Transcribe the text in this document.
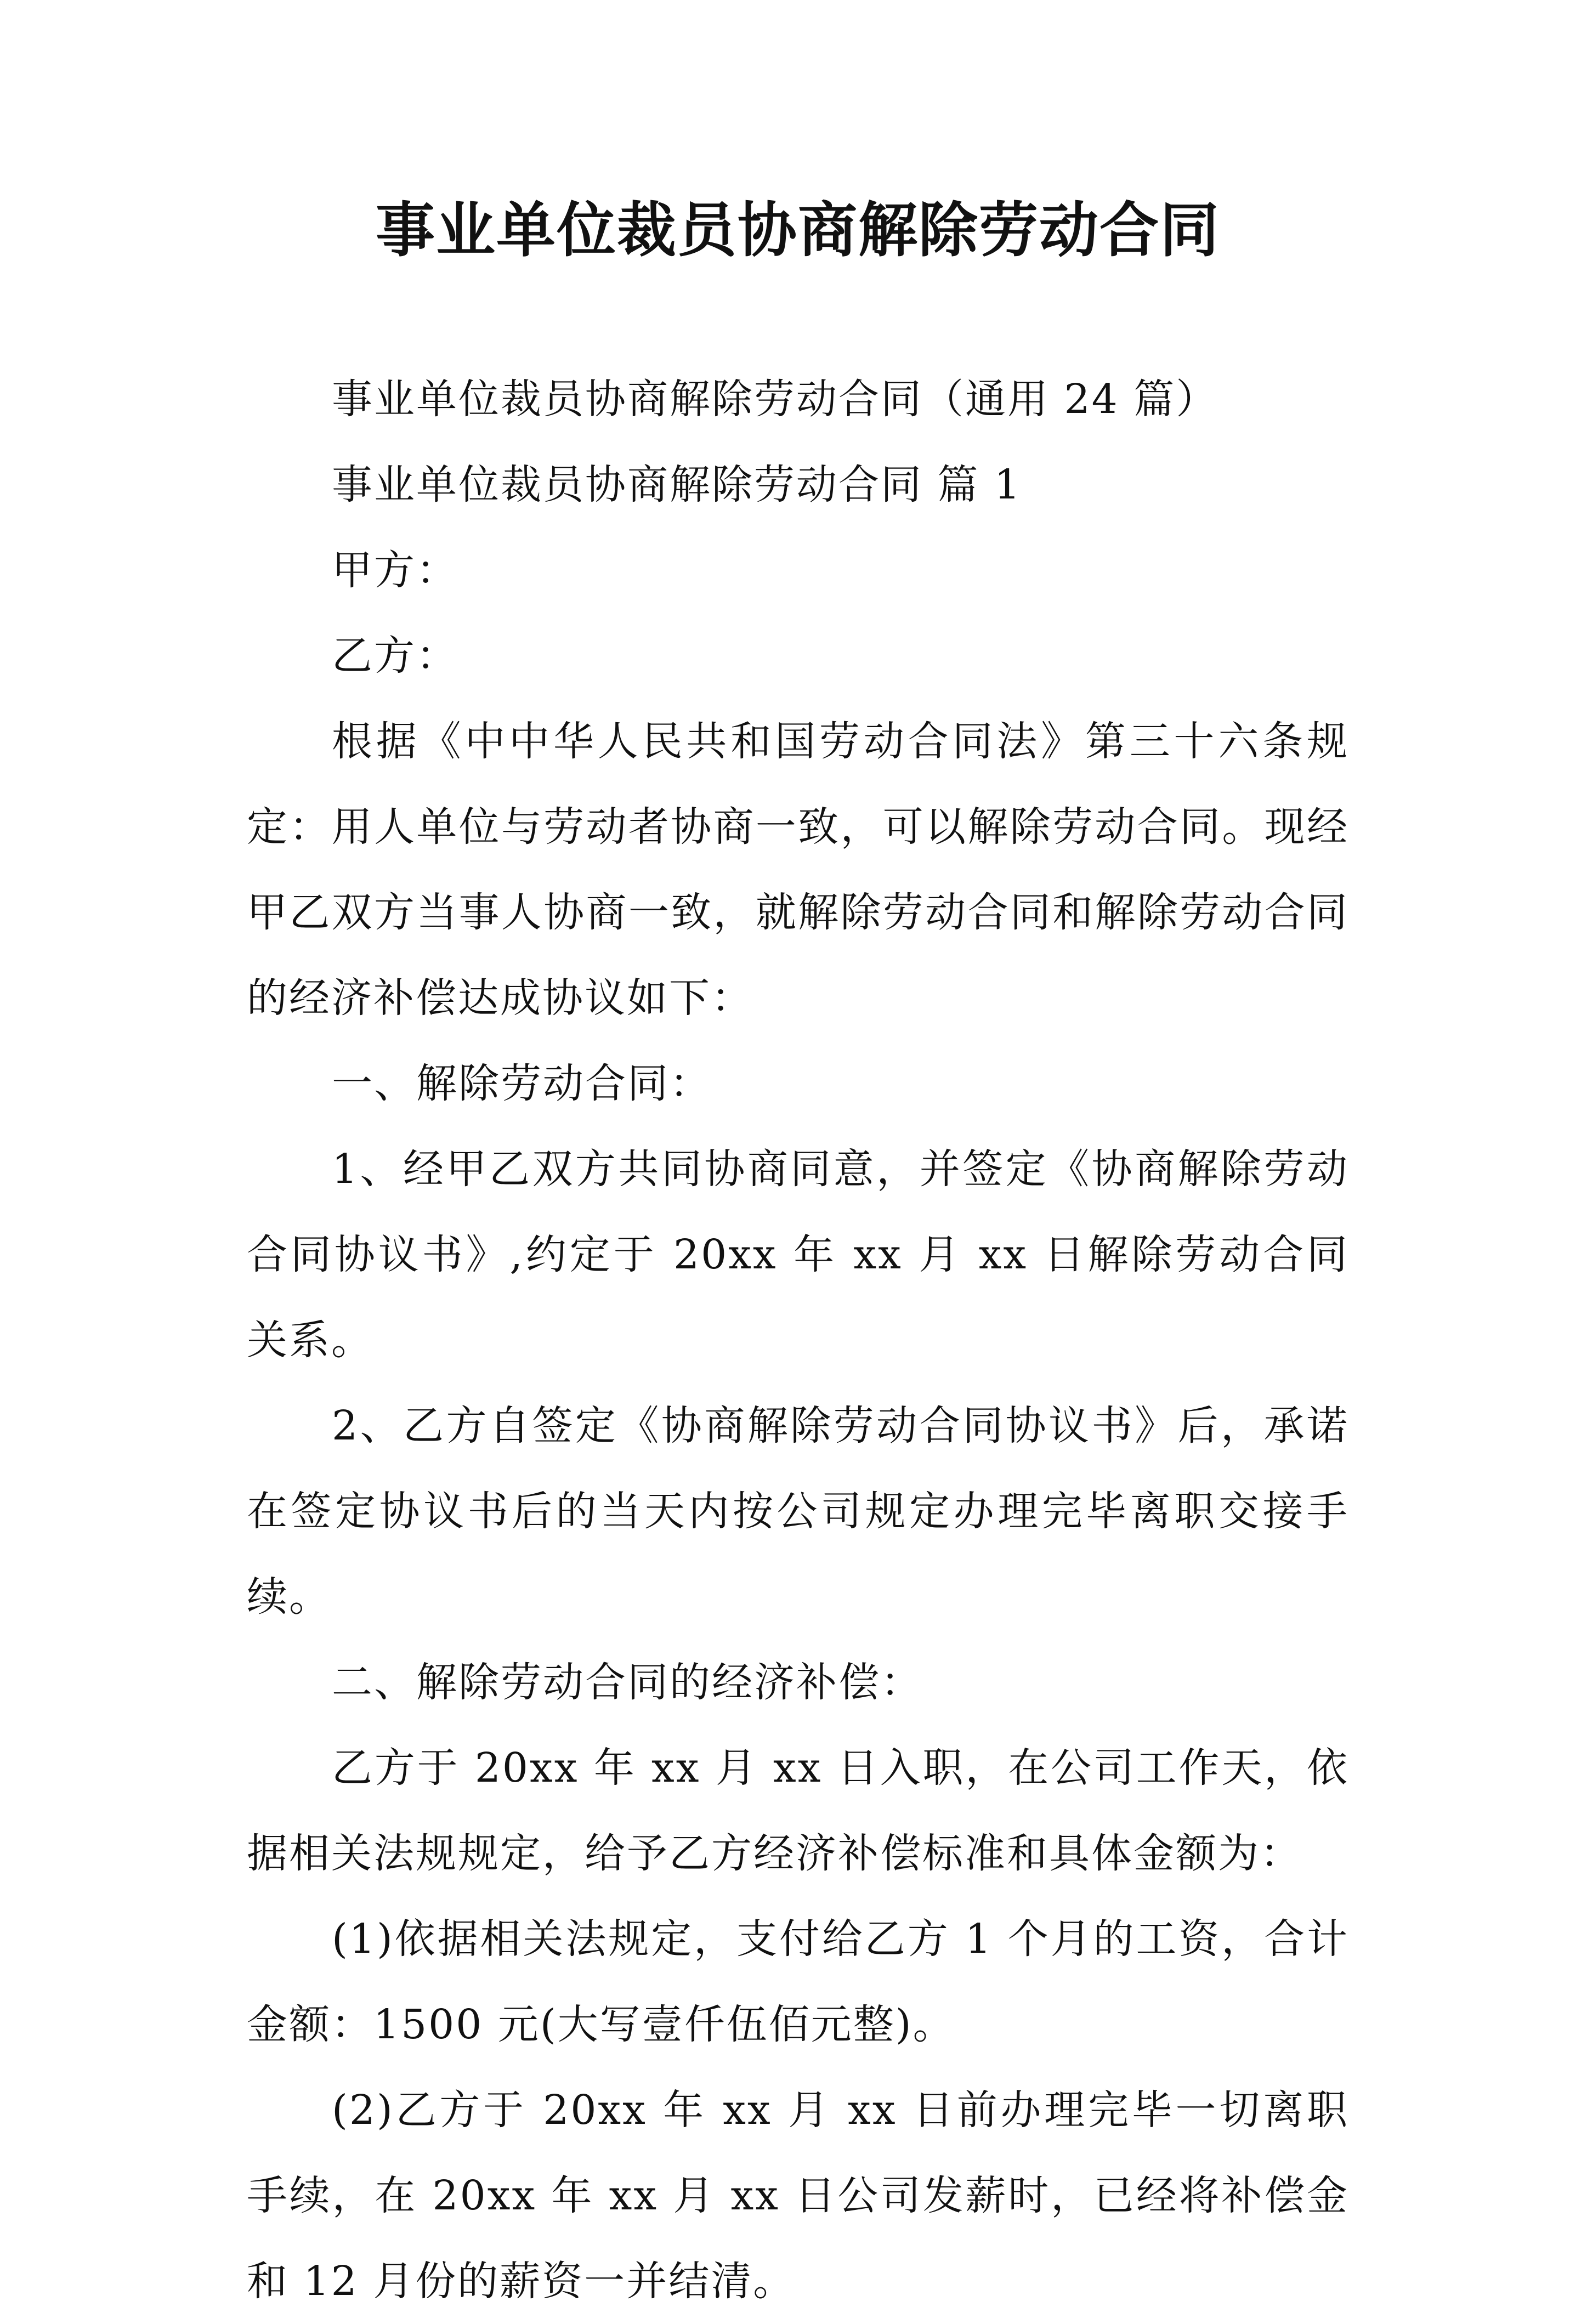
事业单位裁员协商解除劳动合同

事业单位裁员协商解除劳动合同（通用 24 篇）

事业单位裁员协商解除劳动合同 篇 1

甲方：

乙方：

根据《中中华人民共和国劳动合同法》第三十六条规定：用人单位与劳动者协商一致，可以解除劳动合同。现经甲乙双方当事人协商一致，就解除劳动合同和解除劳动合同的经济补偿达成协议如下：

一、解除劳动合同：

1、经甲乙双方共同协商同意，并签定《协商解除劳动合同协议书》,约定于 20xx 年 xx 月 xx 日解除劳动合同关系。

2、乙方自签定《协商解除劳动合同协议书》后，承诺在签定协议书后的当天内按公司规定办理完毕离职交接手续。

二、解除劳动合同的经济补偿：

乙方于 20xx 年 xx 月 xx 日入职，在公司工作天，依据相关法规规定，给予乙方经济补偿标准和具体金额为：

(1)依据相关法规定，支付给乙方 1 个月的工资，合计金额：1500 元(大写壹仟伍佰元整)。

(2)乙方于 20xx 年 xx 月 xx 日前办理完毕一切离职手续，在 20xx 年 xx 月 xx 日公司发薪时，已经将补偿金和 12 月份的薪资一并结清。
